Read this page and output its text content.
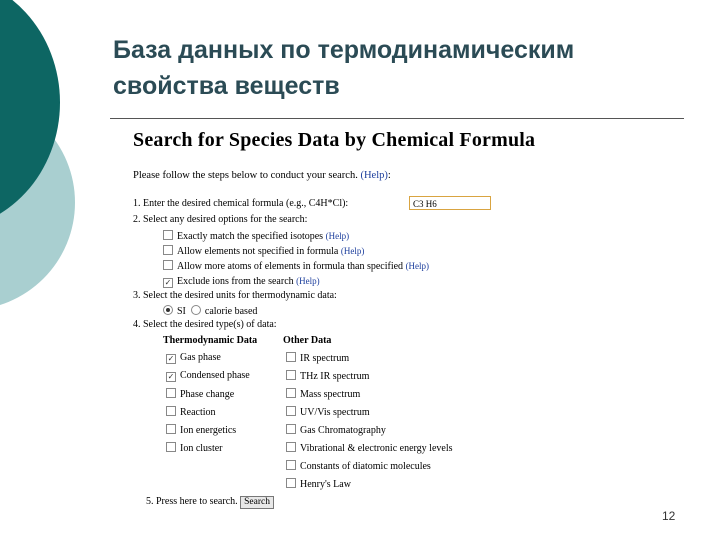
База данных по термодинамическим
свойства веществ
Search for Species Data by Chemical Formula
Please follow the steps below to conduct your search. (Help):
1. Enter the desired chemical formula (e.g., C4H*Cl):	C3 H6
2. Select any desired options for the search:
Exactly match the specified isotopes (Help)
Allow elements not specified in formula (Help)
Allow more atoms of elements in formula than specified (Help)
✓ Exclude ions from the search (Help)
3. Select the desired units for thermodynamic data:
SI calorie based
4. Select the desired type(s) of data:
Thermodynamic Data	Other Data
✓ Gas phase
✓ Condensed phase
Phase change
Reaction
Ion energetics
Ion cluster
IR spectrum
THz IR spectrum
Mass spectrum
UV/Vis spectrum
Gas Chromatography
Vibrational & electronic energy levels
Constants of diatomic molecules
Henry's Law
5. Press here to search. Search
12
